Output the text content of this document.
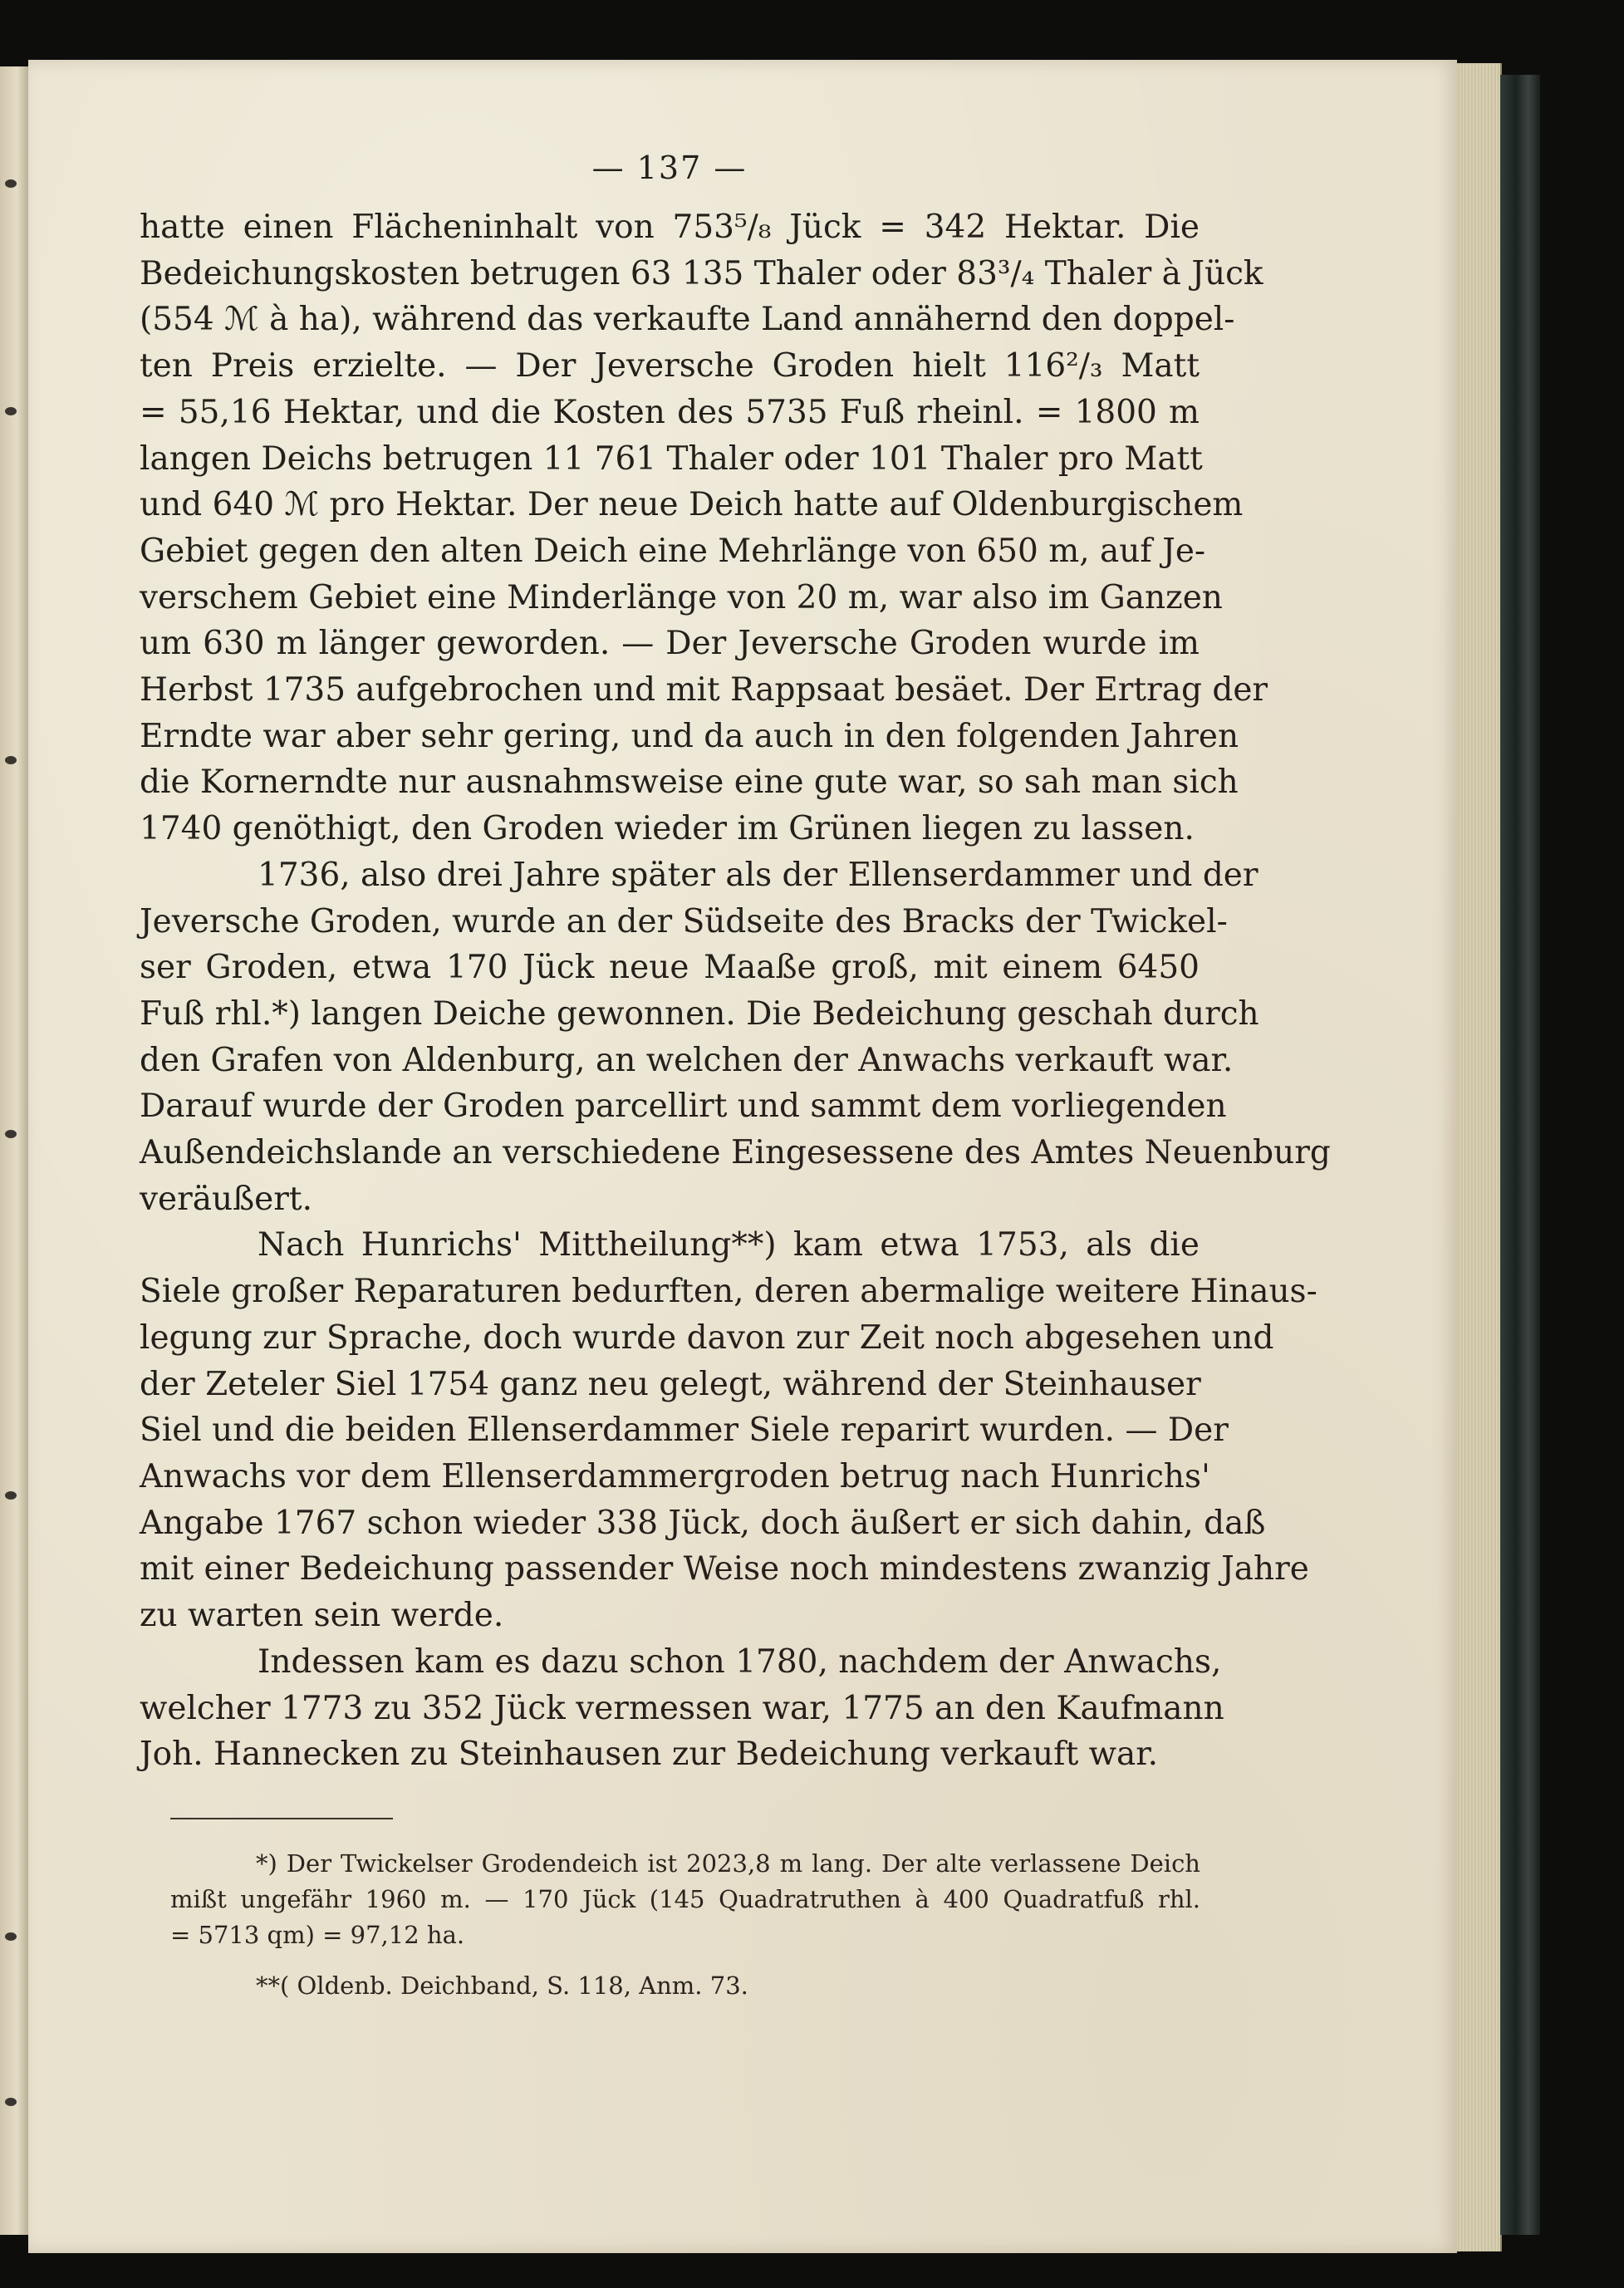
— 137 —
hatte einen Flächeninhalt von 753⁵/₈ Jück = 342 Hektar. Die
Bedeichungskosten betrugen 63 135 Thaler oder 83³/₄ Thaler à Jück
(554 ℳ à ha), während das verkaufte Land annähernd den doppel-
ten Preis erzielte. — Der Jeversche Groden hielt 116²/₃ Matt
= 55,16 Hektar, und die Kosten des 5735 Fuß rheinl. = 1800 m
langen Deichs betrugen 11 761 Thaler oder 101 Thaler pro Matt
und 640 ℳ pro Hektar. Der neue Deich hatte auf Oldenburgischem
Gebiet gegen den alten Deich eine Mehrlänge von 650 m, auf Je-
verschem Gebiet eine Minderlänge von 20 m, war also im Ganzen
um 630 m länger geworden. — Der Jeversche Groden wurde im
Herbst 1735 aufgebrochen und mit Rappsaat besäet. Der Ertrag der
Erndte war aber sehr gering, und da auch in den folgenden Jahren
die Kornerndte nur ausnahmsweise eine gute war, so sah man sich
1740 genöthigt, den Groden wieder im Grünen liegen zu lassen.
1736, also drei Jahre später als der Ellenserdammer und der
Jeversche Groden, wurde an der Südseite des Bracks der Twickel-
ser Groden, etwa 170 Jück neue Maaße groß, mit einem 6450
Fuß rhl.*) langen Deiche gewonnen. Die Bedeichung geschah durch
den Grafen von Aldenburg, an welchen der Anwachs verkauft war.
Darauf wurde der Groden parcellirt und sammt dem vorliegenden
Außendeichslande an verschiedene Eingesessene des Amtes Neuenburg
veräußert.
Nach Hunrichs' Mittheilung**) kam etwa 1753, als die
Siele großer Reparaturen bedurften, deren abermalige weitere Hinaus-
legung zur Sprache, doch wurde davon zur Zeit noch abgesehen und
der Zeteler Siel 1754 ganz neu gelegt, während der Steinhauser
Siel und die beiden Ellenserdammer Siele reparirt wurden. — Der
Anwachs vor dem Ellenserdammergroden betrug nach Hunrichs'
Angabe 1767 schon wieder 338 Jück, doch äußert er sich dahin, daß
mit einer Bedeichung passender Weise noch mindestens zwanzig Jahre
zu warten sein werde.
Indessen kam es dazu schon 1780, nachdem der Anwachs,
welcher 1773 zu 352 Jück vermessen war, 1775 an den Kaufmann
Joh. Hannecken zu Steinhausen zur Bedeichung verkauft war.
*) Der Twickelser Grodendeich ist 2023,8 m lang. Der alte verlassene Deich
mißt ungefähr 1960 m. — 170 Jück (145 Quadratruthen à 400 Quadratfuß rhl.
= 5713 qm) = 97,12 ha.
**( Oldenb. Deichband, S. 118, Anm. 73.
